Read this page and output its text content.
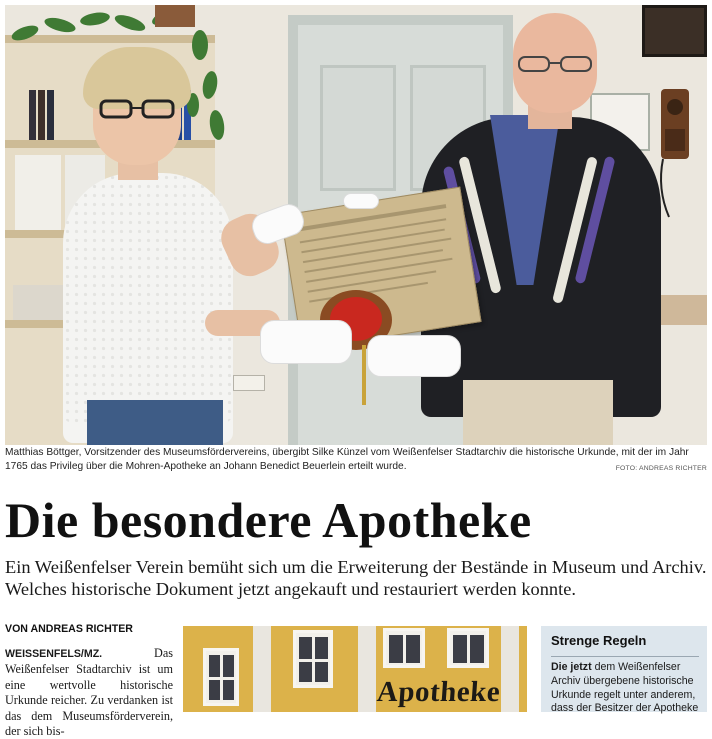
Matthias Böttger, Vorsitzender des Museumsfördervereins, übergibt Silke Künzel vom Weißenfelser Stadtarchiv die historische Urkunde, mit der im Jahr 1765 das Privileg über die Mohren-Apotheke an Johann Benedict Beuerlein erteilt wurde.	FOTO: ANDREAS RICHTER
Die besondere Apotheke

Ein Weißenfelser Verein bemüht sich um die Erweiterung der Bestände in Museum und Archiv. Welches historische Dokument jetzt angekauft und restauriert werden konnte.

VON ANDREAS RICHTER

WEISSENFELS/MZ.	Das Weißenfelser Stadtarchiv ist um eine wertvolle historische Urkunde reicher. Zu verdanken ist das dem Museumsförderverein, der sich bis-

Apotheke
Strenge Regeln

Die jetzt dem Weißenfelser Archiv übergebene historische Urkunde regelt unter anderem, dass der Besitzer der Apotheke
